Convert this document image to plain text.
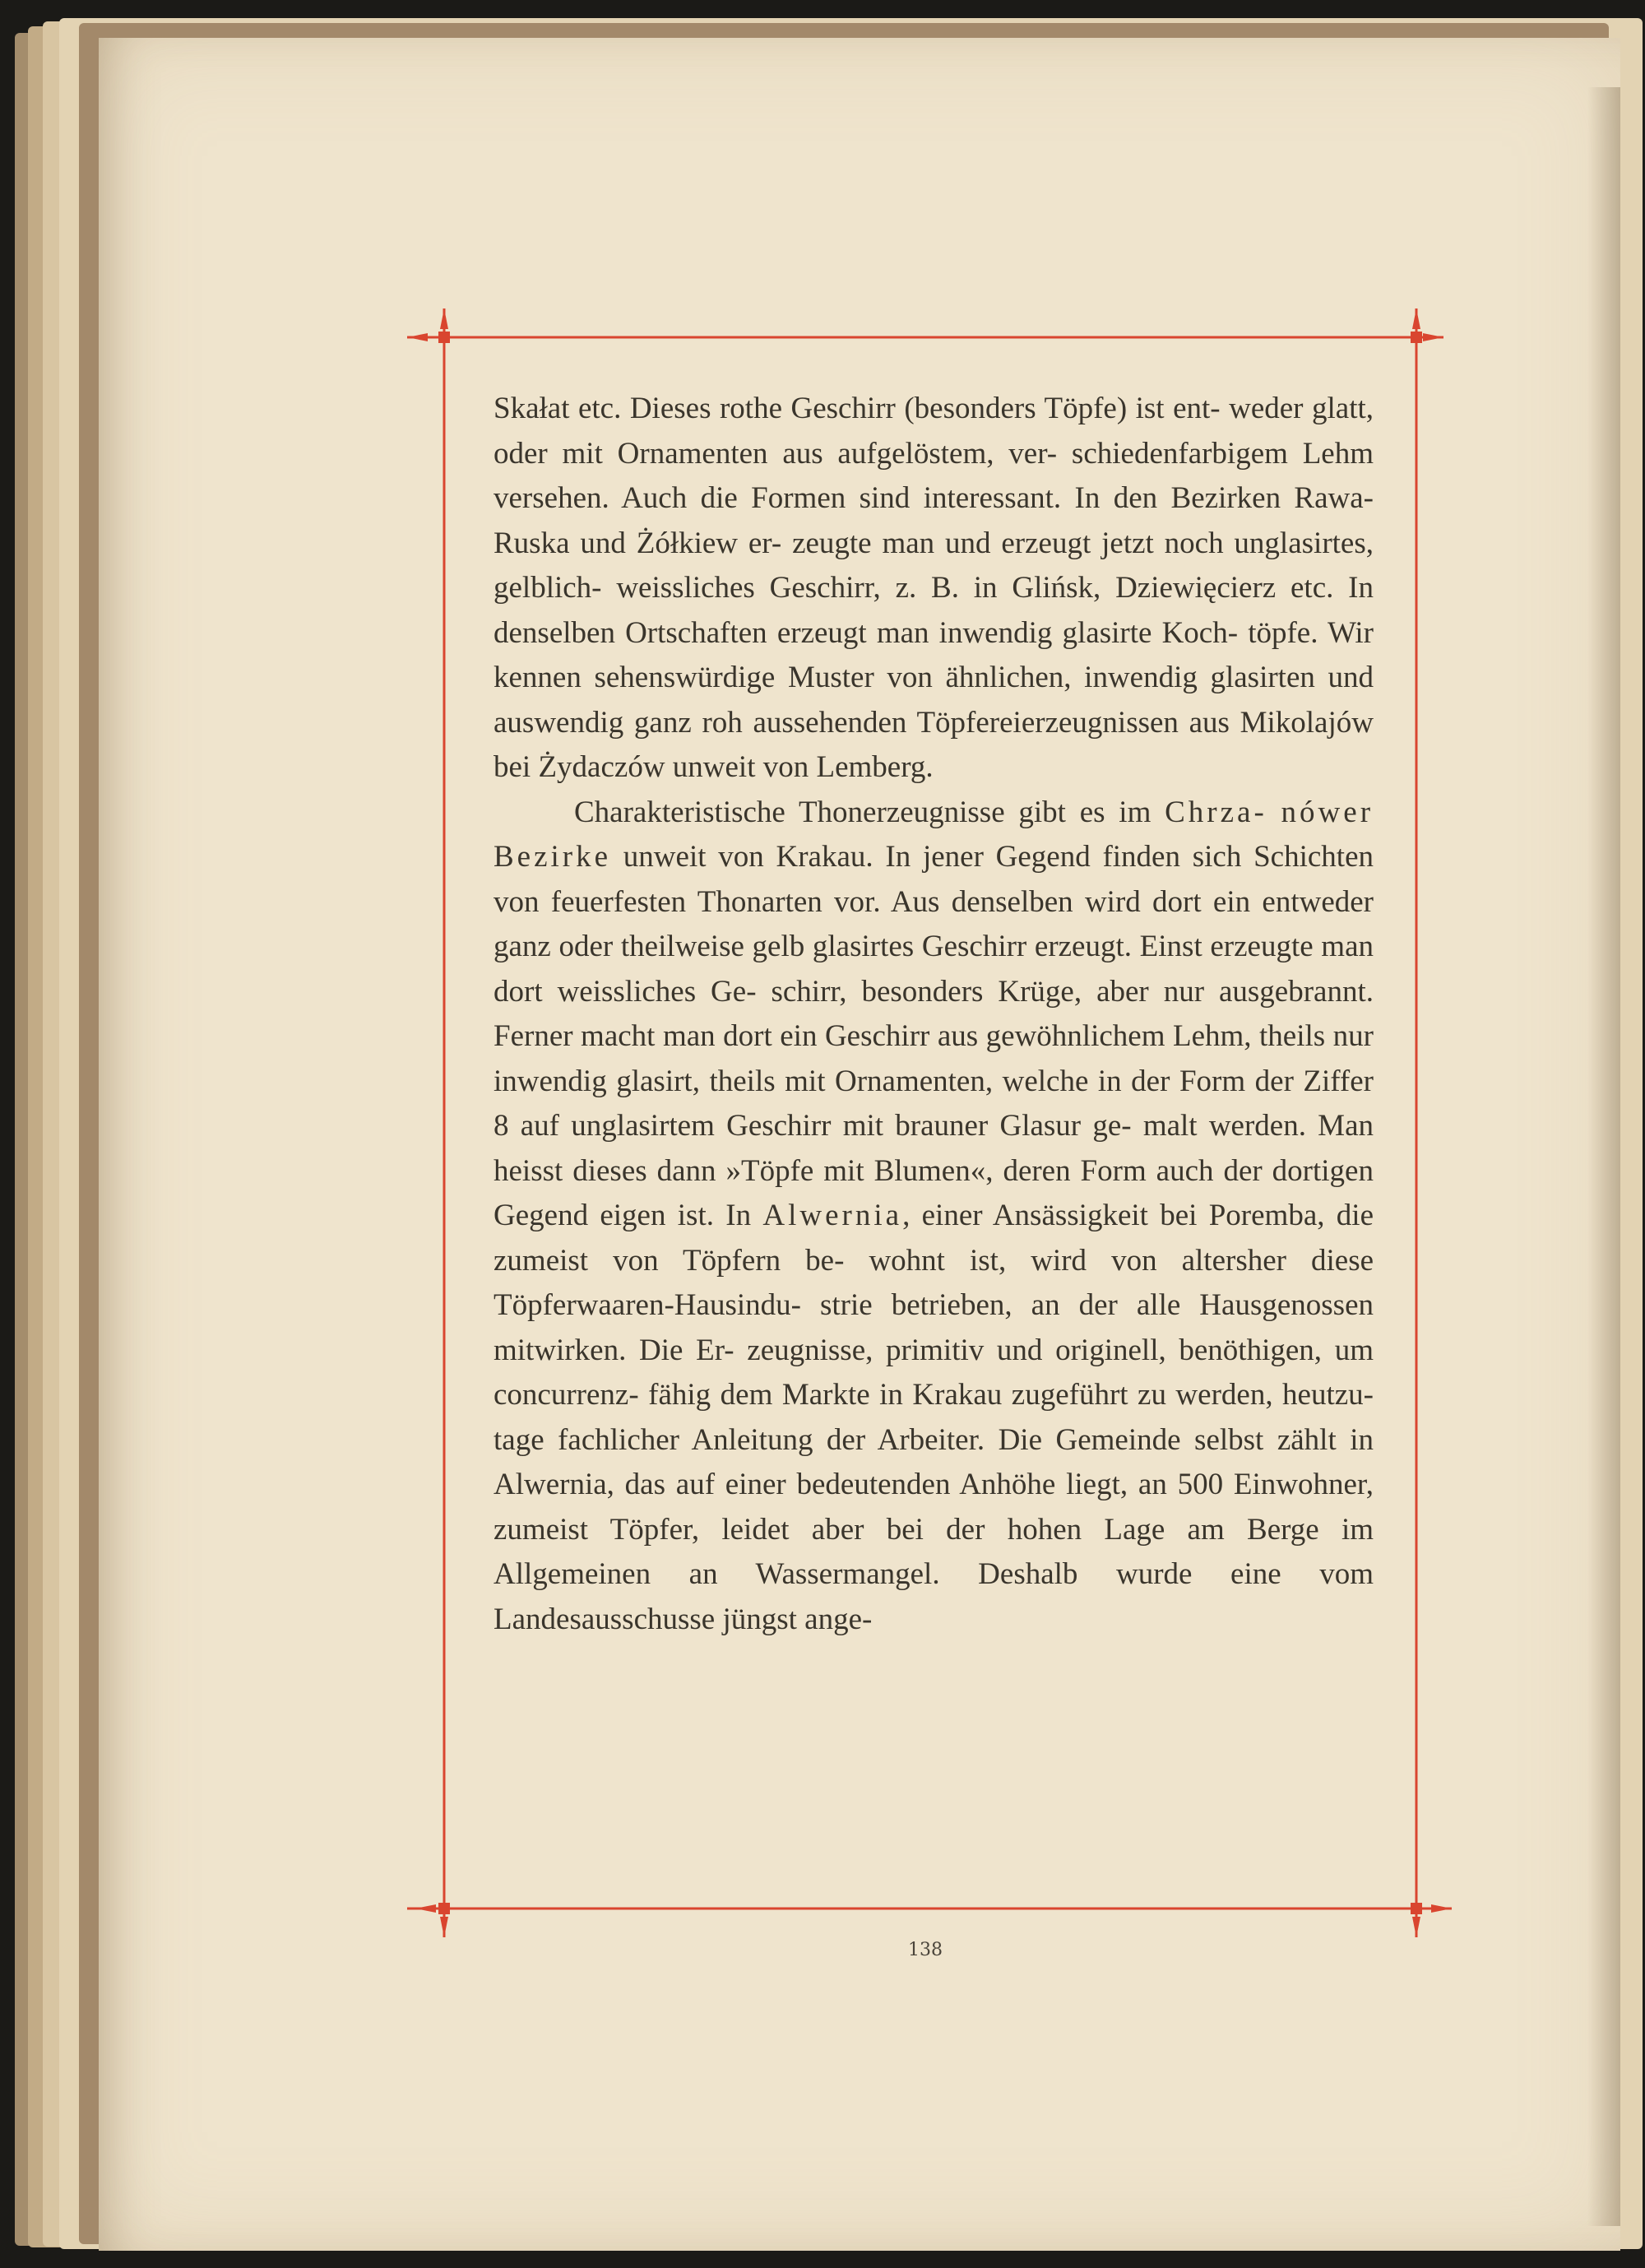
Skałat etc. Dieses rothe Geschirr (besonders Töpfe) ist ent- weder glatt, oder mit Ornamenten aus aufgelöstem, ver- schiedenfarbigem Lehm versehen. Auch die Formen sind interessant. In den Bezirken Rawa-Ruska und Żółkiew er- zeugte man und erzeugt jetzt noch unglasirtes, gelblich- weissliches Geschirr, z. B. in Glińsk, Dziewięcierz etc. In denselben Ortschaften erzeugt man inwendig glasirte Koch- töpfe. Wir kennen sehenswürdige Muster von ähnlichen, inwendig glasirten und auswendig ganz roh aussehenden Töpfereierzeugnissen aus Mikolajów bei Żydaczów unweit von Lemberg.

Charakteristische Thonerzeugnisse gibt es im Chrza- nówer Bezirke unweit von Krakau. In jener Gegend finden sich Schichten von feuerfesten Thonarten vor. Aus denselben wird dort ein entweder ganz oder theilweise gelb glasirtes Geschirr erzeugt. Einst erzeugte man dort weissliches Ge- schirr, besonders Krüge, aber nur ausgebrannt. Ferner macht man dort ein Geschirr aus gewöhnlichem Lehm, theils nur inwendig glasirt, theils mit Ornamenten, welche in der Form der Ziffer 8 auf unglasirtem Geschirr mit brauner Glasur ge- malt werden. Man heisst dieses dann »Töpfe mit Blumen«, deren Form auch der dortigen Gegend eigen ist. In Alwernia, einer Ansässigkeit bei Poremba, die zumeist von Töpfern be- wohnt ist, wird von altersher diese Töpferwaaren-Hausindu- strie betrieben, an der alle Hausgenossen mitwirken. Die Er- zeugnisse, primitiv und originell, benöthigen, um concurrenz- fähig dem Markte in Krakau zugeführt zu werden, heutzu- tage fachlicher Anleitung der Arbeiter. Die Gemeinde selbst zählt in Alwernia, das auf einer bedeutenden Anhöhe liegt, an 500 Einwohner, zumeist Töpfer, leidet aber bei der hohen Lage am Berge im Allgemeinen an Wassermangel. Deshalb wurde eine vom Landesausschusse jüngst ange-

138
